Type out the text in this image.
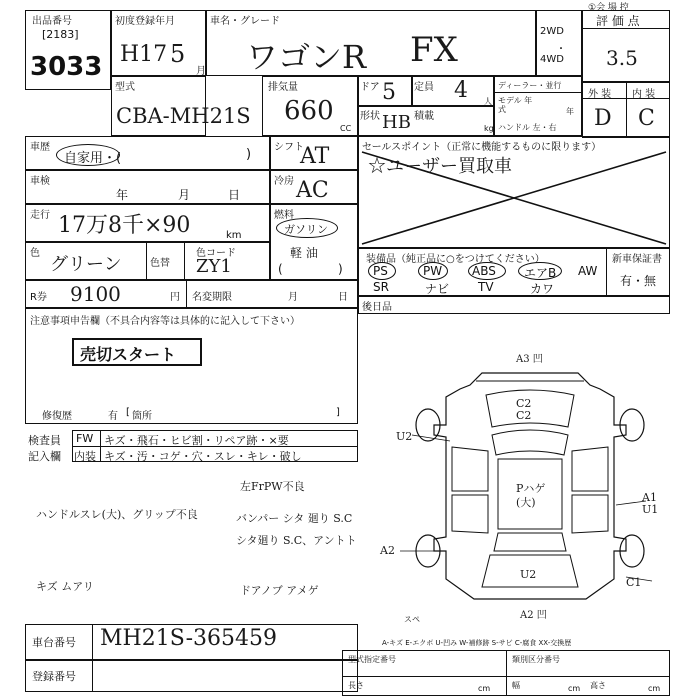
出品番号
[2183]
3033
初度登録年月
H17 5
月
車名・グレード
ワゴンR FX	2WD
・
4WD
評 価 点
3.5
①会 場 控
外 装 内 装
D C
型式
CBA-MH21S
排気量
660
CC
ドア 5 定員 4 人
形状 HB 積載
kg
ディーラー・並行
モデル 年式	年
ハンドル 左・右
車歴
自家用・(	) シフト
AT
車検
年	月	日
冷房 AC
走行 17万8千×90	km
燃料
ガソリン
軽 油
(	)
色
グリーン	色替
色コード
ZY1
セールスポイント（正常に機能するものに限ります）
☆ユーザー買取車
装備品（純正品に○をつけてください）	新車保証書
有・無
PS	PW ABS エアB AW
SR	ナビ TV	カワ
後日品
R券 9100	円 名変期限	月	日
注意事項申告欄（不具合内容等は具体的に記入して下さい）
売切スタート
修復歴	有 [ 箇所	]
検査員
記入欄
FW キズ・飛石・ヒビ割・リペア跡・×要
内装 キズ・汚・コゲ・穴・スレ・キレ・破し
左FrPW不良
ハンドルスレ(大)、グリップ不良	バンパー シタ 廻り S.C
シタ廻り S.C、アントト
キズ ムアリ	ドアノブ アメゲ
A3 凹
C2
C2
U2
Pハゲ
(大)	A1
U1
A2
U2
C1
A2 凹
スペ
A-キズ E-エクボ U-凹み W-補修跡 S-サビ C-腐食 XX-交換歴
車台番号 MH21S-365459
登録番号
型式指定番号	類別区分番号
長さ	cm	幅	cm 高さ	cm
